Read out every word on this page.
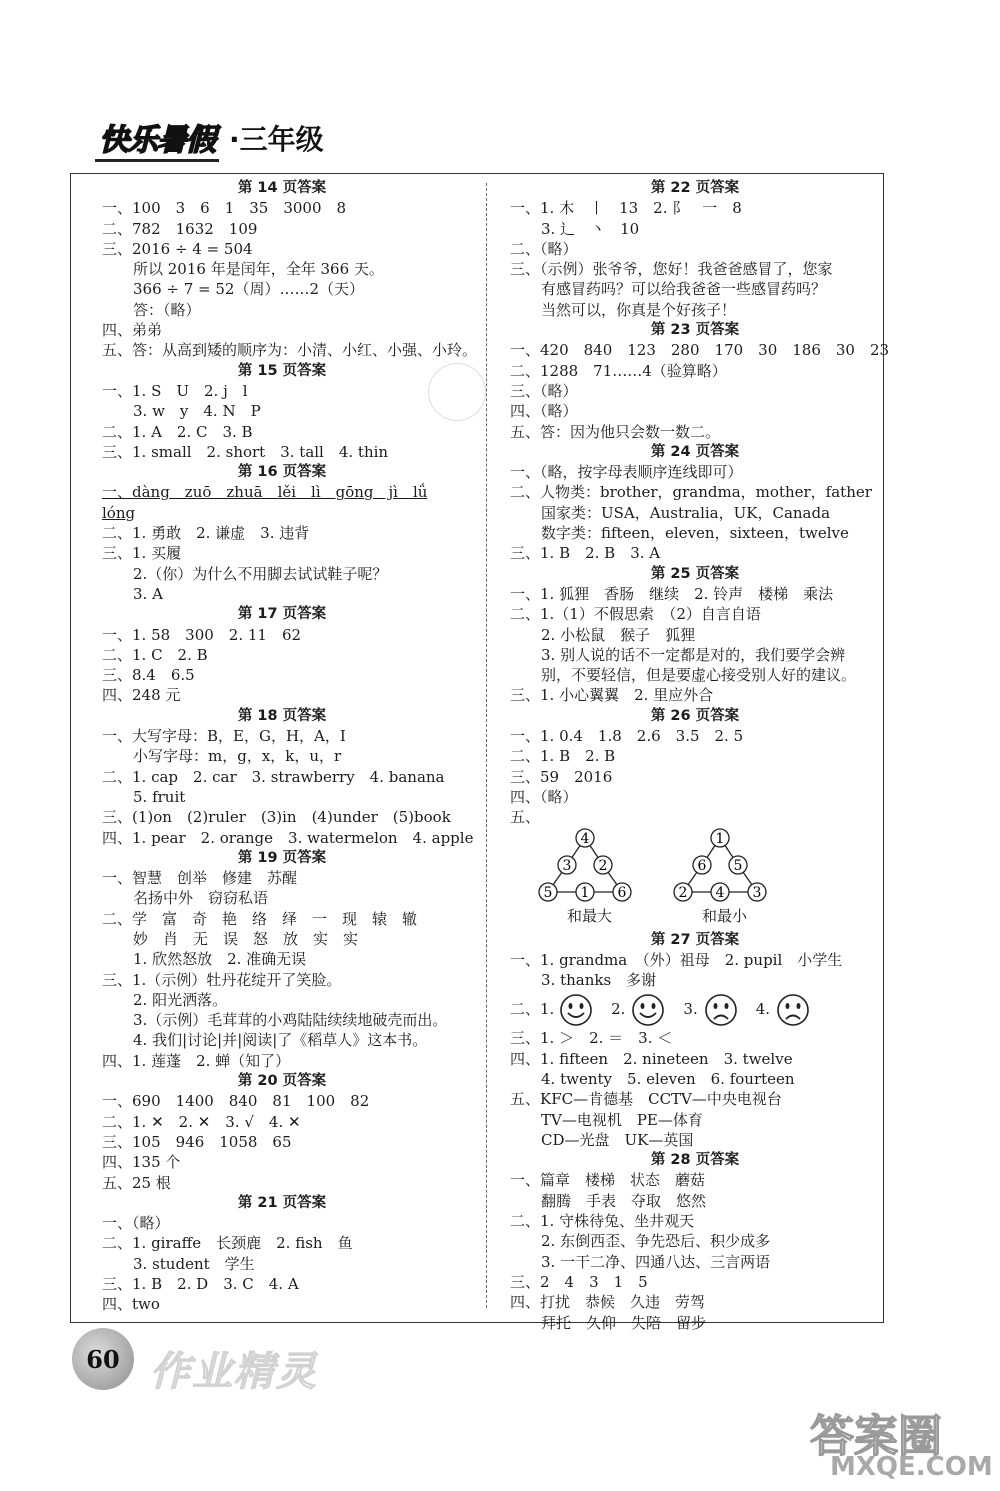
快乐暑假 ·三年级
第 14 页答案
一、100　3　6　1　35　3000　8
二、782　1632　109
三、2016 ÷ 4 = 504
所以 2016 年是闰年，全年 366 天。
366 ÷ 7 = 52（周）……2（天）
答：（略）
四、弟弟
五、答：从高到矮的顺序为：小清、小红、小强、小玲。
第 15 页答案
一、1. S　U　2. j　l
3. w　y　4. N　P
二、1. A　2. C　3. B
三、1. small　2. short　3. tall　4. thin
第 16 页答案
一、dàng　zuō　zhuā　lěi　lì　gōng　jì　lǘ
lóng
二、1. 勇敢　2. 谦虚　3. 违背
三、1. 买履
2.（你）为什么不用脚去试试鞋子呢？
3. A
第 17 页答案
一、1. 58　300　2. 11　62
二、1. C　2. B
三、8.4　6.5
四、248 元
第 18 页答案
一、大写字母：B，E，G，H，A，I
小写字母：m，g，x，k，u，r
二、1. cap　2. car　3. strawberry　4. banana
5. fruit
三、(1)on　(2)ruler　(3)in　(4)under　(5)book
四、1. pear　2. orange　3. watermelon　4. apple
第 19 页答案
一、智慧　创举　修建　苏醒
名扬中外　窃窃私语
二、学　富　奇　艳　络　绎　一　现　辕　辙
妙　肖　无　误　怒　放　实　实
1. 欣然怒放　2. 准确无误
三、1.（示例）牡丹花绽开了笑脸。
2. 阳光洒落。
3.（示例）毛茸茸的小鸡陆陆续续地破壳而出。
4. 我们|讨论|并|阅读|了《稻草人》这本书。
四、1. 莲蓬　2. 蝉（知了）
第 20 页答案
一、690　1400　840　81　100　82
二、1. ✕　2. ✕　3. √　4. ✕
三、105　946　1058　65
四、135 个
五、25 根
第 21 页答案
一、（略）
二、1. giraffe　长颈鹿　2. fish　鱼
3. student　学生
三、1. B　2. D　3. C　4. A
四、two
第 22 页答案
一、1. 木　丨　13　2. 阝　一　8
3. 辶　丶　10
二、（略）
三、（示例）张爷爷，您好！我爸爸感冒了，您家
有感冒药吗？可以给我爸爸一些感冒药吗？
当然可以，你真是个好孩子！
第 23 页答案
一、420　840　123　280　170　30　186　30　23
二、1288　71……4（验算略）
三、（略）
四、（略）
五、答：因为他只会数一数二。
第 24 页答案
一、（略，按字母表顺序连线即可）
二、人物类：brother，grandma，mother，father
国家类：USA，Australia，UK，Canada
数字类：fifteen，eleven，sixteen，twelve
三、1. B　2. B　3. A
第 25 页答案
一、1. 狐狸　香肠　继续　2. 铃声　楼梯　乘法
二、1.（1）不假思索　（2）自言自语
2. 小松鼠　猴子　狐狸
3. 别人说的话不一定都是对的，我们要学会辨
别，不要轻信，但是要虚心接受别人好的建议。
三、1. 小心翼翼　2. 里应外合
第 26 页答案
一、1. 0.4　1.8　2.6　3.5　2. 5
二、1. B　2. B
三、59　2016
四、（略）
五、
4
3 2
5 1 6
1
6 5
2 4 3
和最大	和最小
第 27 页答案
一、1. grandma　（外）祖母　2. pupil　小学生
3. thanks　多谢
二、1.	2.	3.	4.
三、1. ＞　2. ＝　3. ＜
四、1. fifteen　2. nineteen　3. twelve
4. twenty　5. eleven　6. fourteen
五、KFC—肯德基　CCTV—中央电视台
TV—电视机　PE—体育
CD—光盘　UK—英国
第 28 页答案
一、篇章　楼梯　状态　蘑菇
翻腾　手表　夺取　悠然
二、1. 守株待兔、坐井观天
2. 东倒西歪、争先恐后、积少成多
3. 一干二净、四通八达、三言两语
三、2　4　3　1　5
四、打扰　恭候　久违　劳驾
拜托　久仰　失陪　留步
60 作业精灵
答案圈
MXQE.COM
